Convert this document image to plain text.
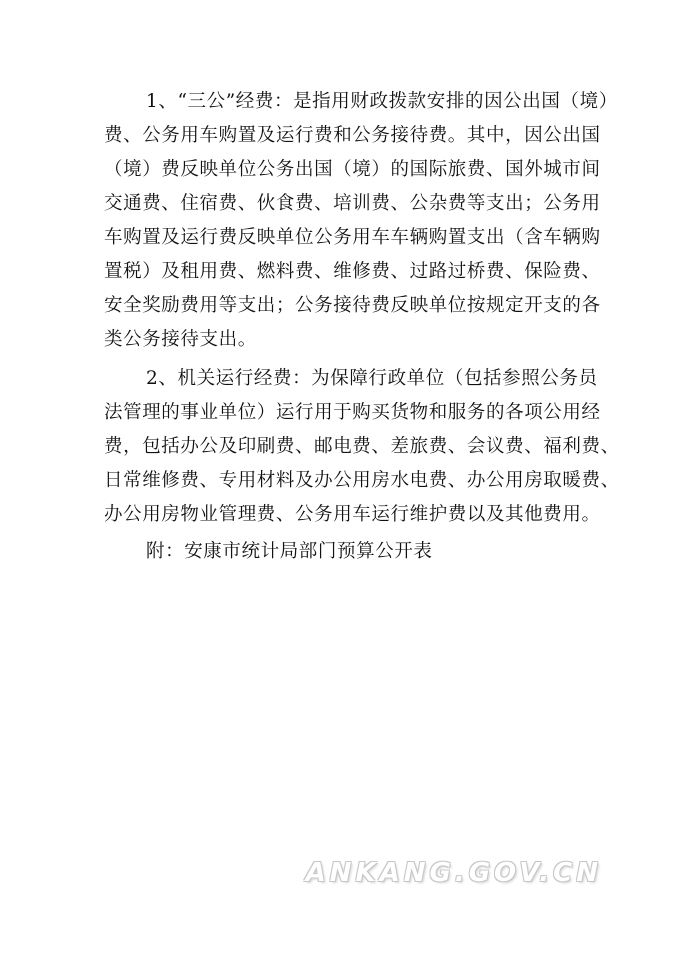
1、“三公”经费：是指用财政拨款安排的因公出国（境）
费、公务用车购置及运行费和公务接待费。其中，因公出国
（境）费反映单位公务出国（境）的国际旅费、国外城市间
交通费、住宿费、伙食费、培训费、公杂费等支出；公务用
车购置及运行费反映单位公务用车车辆购置支出（含车辆购
置税）及租用费、燃料费、维修费、过路过桥费、保险费、
安全奖励费用等支出；公务接待费反映单位按规定开支的各
类公务接待支出。
2、机关运行经费：为保障行政单位（包括参照公务员
法管理的事业单位）运行用于购买货物和服务的各项公用经
费，包括办公及印刷费、邮电费、差旅费、会议费、福利费、
日常维修费、专用材料及办公用房水电费、办公用房取暖费、
办公用房物业管理费、公务用车运行维护费以及其他费用。
附：安康市统计局部门预算公开表
ANKANG.GOV.CN
